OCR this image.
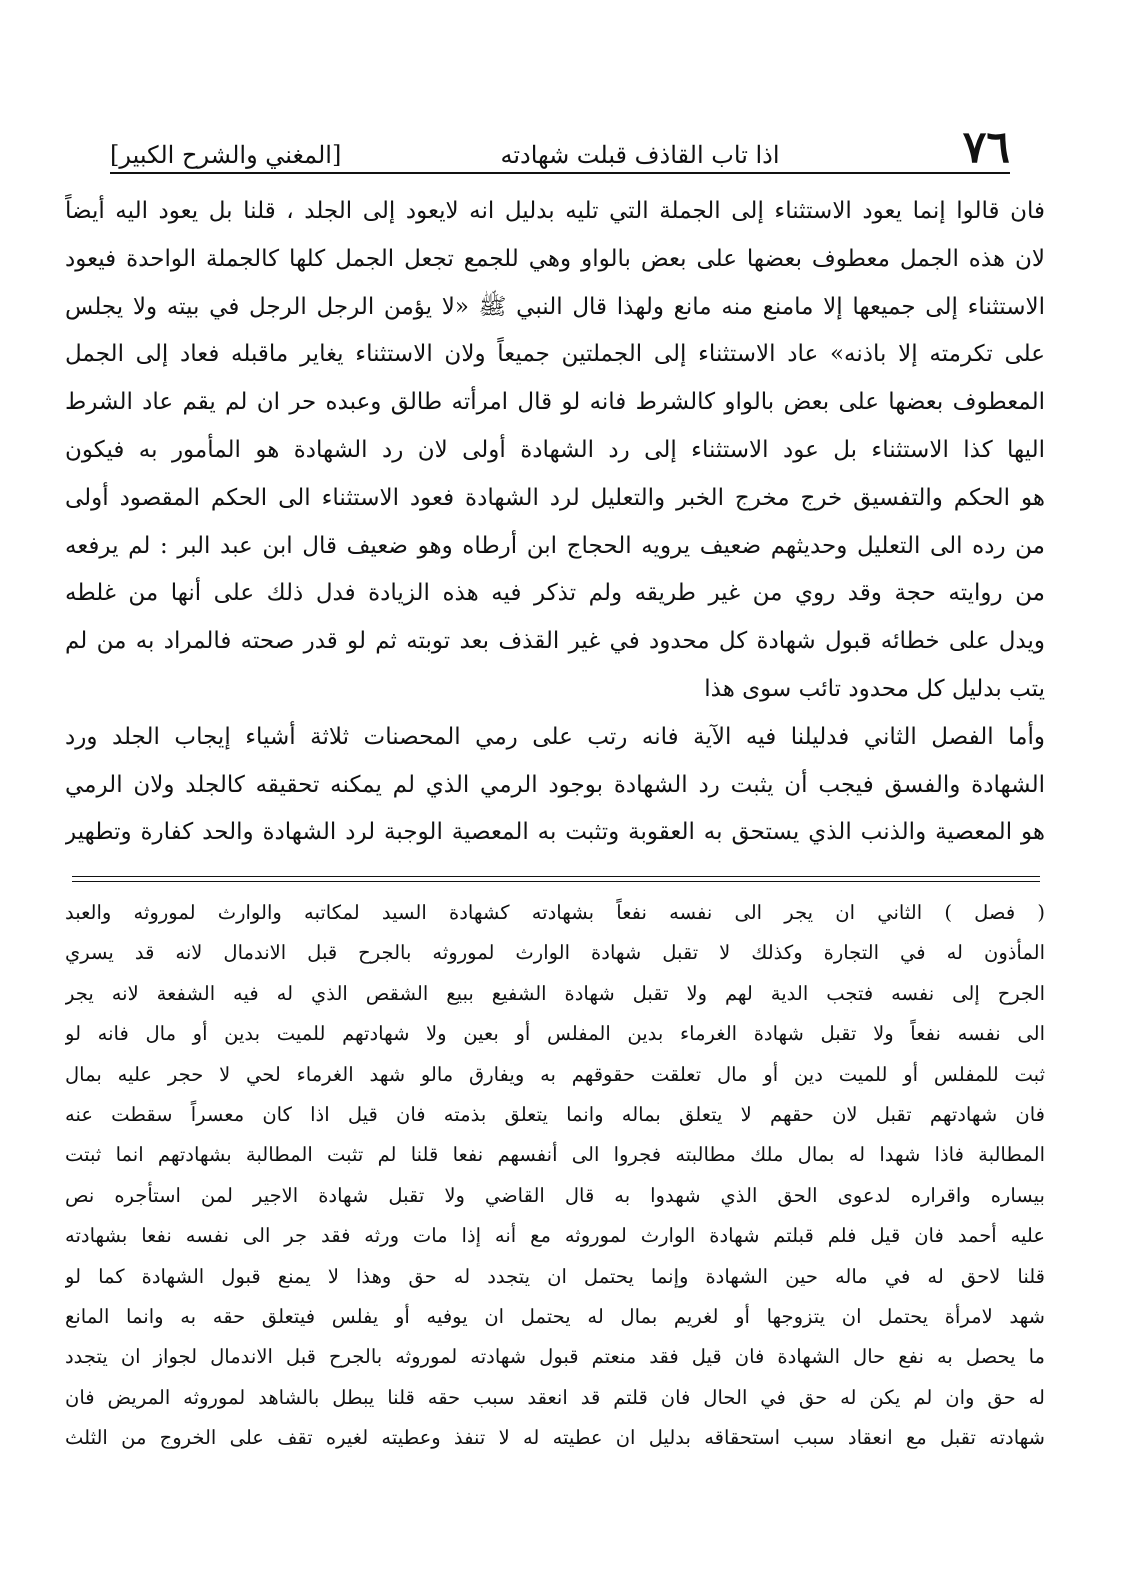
٧٦
اذا تاب القاذف قبلت شهادته
[المغني والشرح الكبير]
فان قالوا إنما يعود الاستثناء إلى الجملة التي تليه بدليل انه لايعود إلى الجلد ، قلنا بل يعود اليه أيضاً
لان هذه الجمل معطوف بعضها على بعض بالواو وهي للجمع تجعل الجمل كلها كالجملة الواحدة فيعود
الاستثناء إلى جميعها إلا مامنع منه مانع ولهذا قال النبي ﷺ «لا يؤمن الرجل الرجل في بيته ولا يجلس
على تكرمته إلا باذنه» عاد الاستثناء إلى الجملتين جميعاً ولان الاستثناء يغاير ماقبله فعاد إلى الجمل
المعطوف بعضها على بعض بالواو كالشرط فانه لو قال امرأته طالق وعبده حر ان لم يقم عاد الشرط
اليها كذا الاستثناء بل عود الاستثناء إلى رد الشهادة أولى لان رد الشهادة هو المأمور به فيكون
هو الحكم والتفسيق خرج مخرج الخبر والتعليل لرد الشهادة فعود الاستثناء الى الحكم المقصود أولى
من رده الى التعليل وحديثهم ضعيف يرويه الحجاج ابن أرطاه وهو ضعيف قال ابن عبد البر : لم يرفعه
من روايته حجة وقد روي من غير طريقه ولم تذكر فيه هذه الزيادة فدل ذلك على أنها من غلطه
ويدل على خطائه قبول شهادة كل محدود في غير القذف بعد توبته ثم لو قدر صحته فالمراد به من لم
يتب بدليل كل محدود تائب سوى هذا
وأما الفصل الثاني فدليلنا فيه الآية فانه رتب على رمي المحصنات ثلاثة أشياء إيجاب الجلد ورد
الشهادة والفسق فيجب أن يثبت رد الشهادة بوجود الرمي الذي لم يمكنه تحقيقه كالجلد ولان الرمي
هو المعصية والذنب الذي يستحق به العقوبة وتثبت به المعصية الوجبة لرد الشهادة والحد كفارة وتطهير
( فصل ) الثاني ان يجر الى نفسه نفعاً بشهادته كشهادة السيد لمكاتبه والوارث لموروثه والعبد
المأذون له في التجارة وكذلك لا تقبل شهادة الوارث لموروثه بالجرح قبل الاندمال لانه قد يسري
الجرح إلى نفسه فتجب الدية لهم ولا تقبل شهادة الشفيع ببيع الشقص الذي له فيه الشفعة لانه يجر
الى نفسه نفعاً ولا تقبل شهادة الغرماء بدين المفلس أو بعين ولا شهادتهم للميت بدين أو مال فانه لو
ثبت للمفلس أو للميت دين أو مال تعلقت حقوقهم به ويفارق مالو شهد الغرماء لحي لا حجر عليه بمال
فان شهادتهم تقبل لان حقهم لا يتعلق بماله وانما يتعلق بذمته فان قيل اذا كان معسراً سقطت عنه
المطالبة فاذا شهدا له بمال ملك مطالبته فجروا الى أنفسهم نفعا قلنا لم تثبت المطالبة بشهادتهم انما ثبتت
بيساره واقراره لدعوى الحق الذي شهدوا به قال القاضي ولا تقبل شهادة الاجير لمن استأجره نص
عليه أحمد فان قيل فلم قبلتم شهادة الوارث لموروثه مع أنه إذا مات ورثه فقد جر الى نفسه نفعا بشهادته
قلنا لاحق له في ماله حين الشهادة وإنما يحتمل ان يتجدد له حق وهذا لا يمنع قبول الشهادة كما لو
شهد لامرأة يحتمل ان يتزوجها أو لغريم بمال له يحتمل ان يوفيه أو يفلس فيتعلق حقه به وانما المانع
ما يحصل به نفع حال الشهادة فان قيل فقد منعتم قبول شهادته لموروثه بالجرح قبل الاندمال لجواز ان يتجدد
له حق وان لم يكن له حق في الحال فان قلتم قد انعقد سبب حقه قلنا يبطل بالشاهد لموروثه المريض فان
شهادته تقبل مع انعقاد سبب استحقاقه بدليل ان عطيته له لا تنفذ وعطيته لغيره تقف على الخروج من الثلث
